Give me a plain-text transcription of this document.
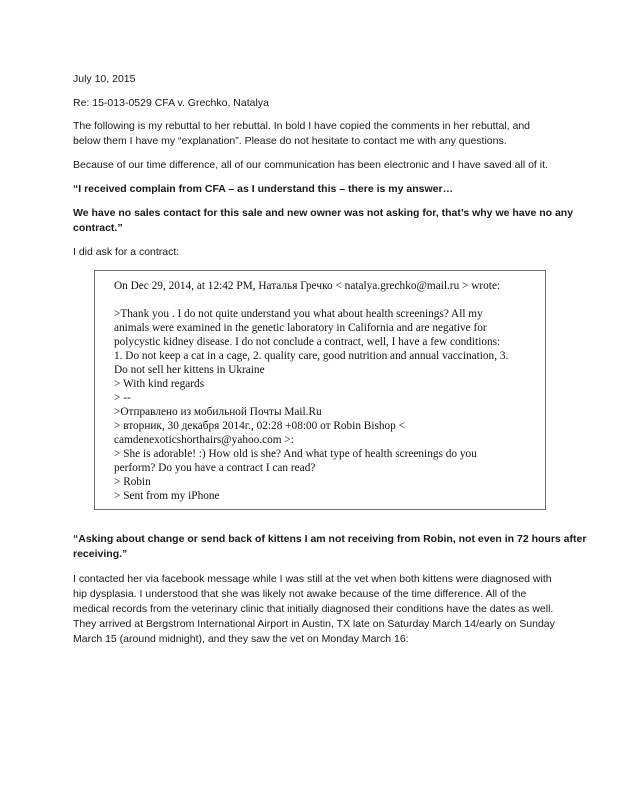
July 10, 2015
Re: 15-013-0529 CFA v. Grechko, Natalya
The following is my rebuttal to her rebuttal. In bold I have copied the comments in her rebuttal, and
below them I have my “explanation”. Please do not hesitate to contact me with any questions.
Because of our time difference, all of our communication has been electronic and I have saved all of it.
“I received complain from CFA – as I understand this – there is my answer…
We have no sales contact for this sale and new owner was not asking for, that’s why we have no any
contract.”
I did ask for a contract:
On Dec 29, 2014, at 12:42 PM, Наталья Гречко < natalya.grechko@mail.ru > wrote:
>Thank you . I do not quite understand you what about health screenings? All my
animals were examined in the genetic laboratory in California and are negative for
polycystic kidney disease. I do not conclude a contract, well, I have a few conditions:
1. Do not keep a cat in a cage, 2. quality care, good nutrition and annual vaccination, 3.
Do not sell her kittens in Ukraine
> With kind regards
> --
>Отправлено из мобильной Почты Mail.Ru
> вторник, 30 декабря 2014г., 02:28 +08:00 от Robin Bishop <
camdenexoticshorthairs@yahoo.com >:
> She is adorable! :) How old is she? And what type of health screenings do you
perform? Do you have a contract I can read?
> Robin
> Sent from my iPhone
“Asking about change or send back of kittens I am not receiving from Robin, not even in 72 hours after
receiving.”
I contacted her via facebook message while I was still at the vet when both kittens were diagnosed with
hip dysplasia. I understood that she was likely not awake because of the time difference. All of the
medical records from the veterinary clinic that initially diagnosed their conditions have the dates as well.
They arrived at Bergstrom International Airport in Austin, TX late on Saturday March 14/early on Sunday
March 15 (around midnight), and they saw the vet on Monday March 16:
